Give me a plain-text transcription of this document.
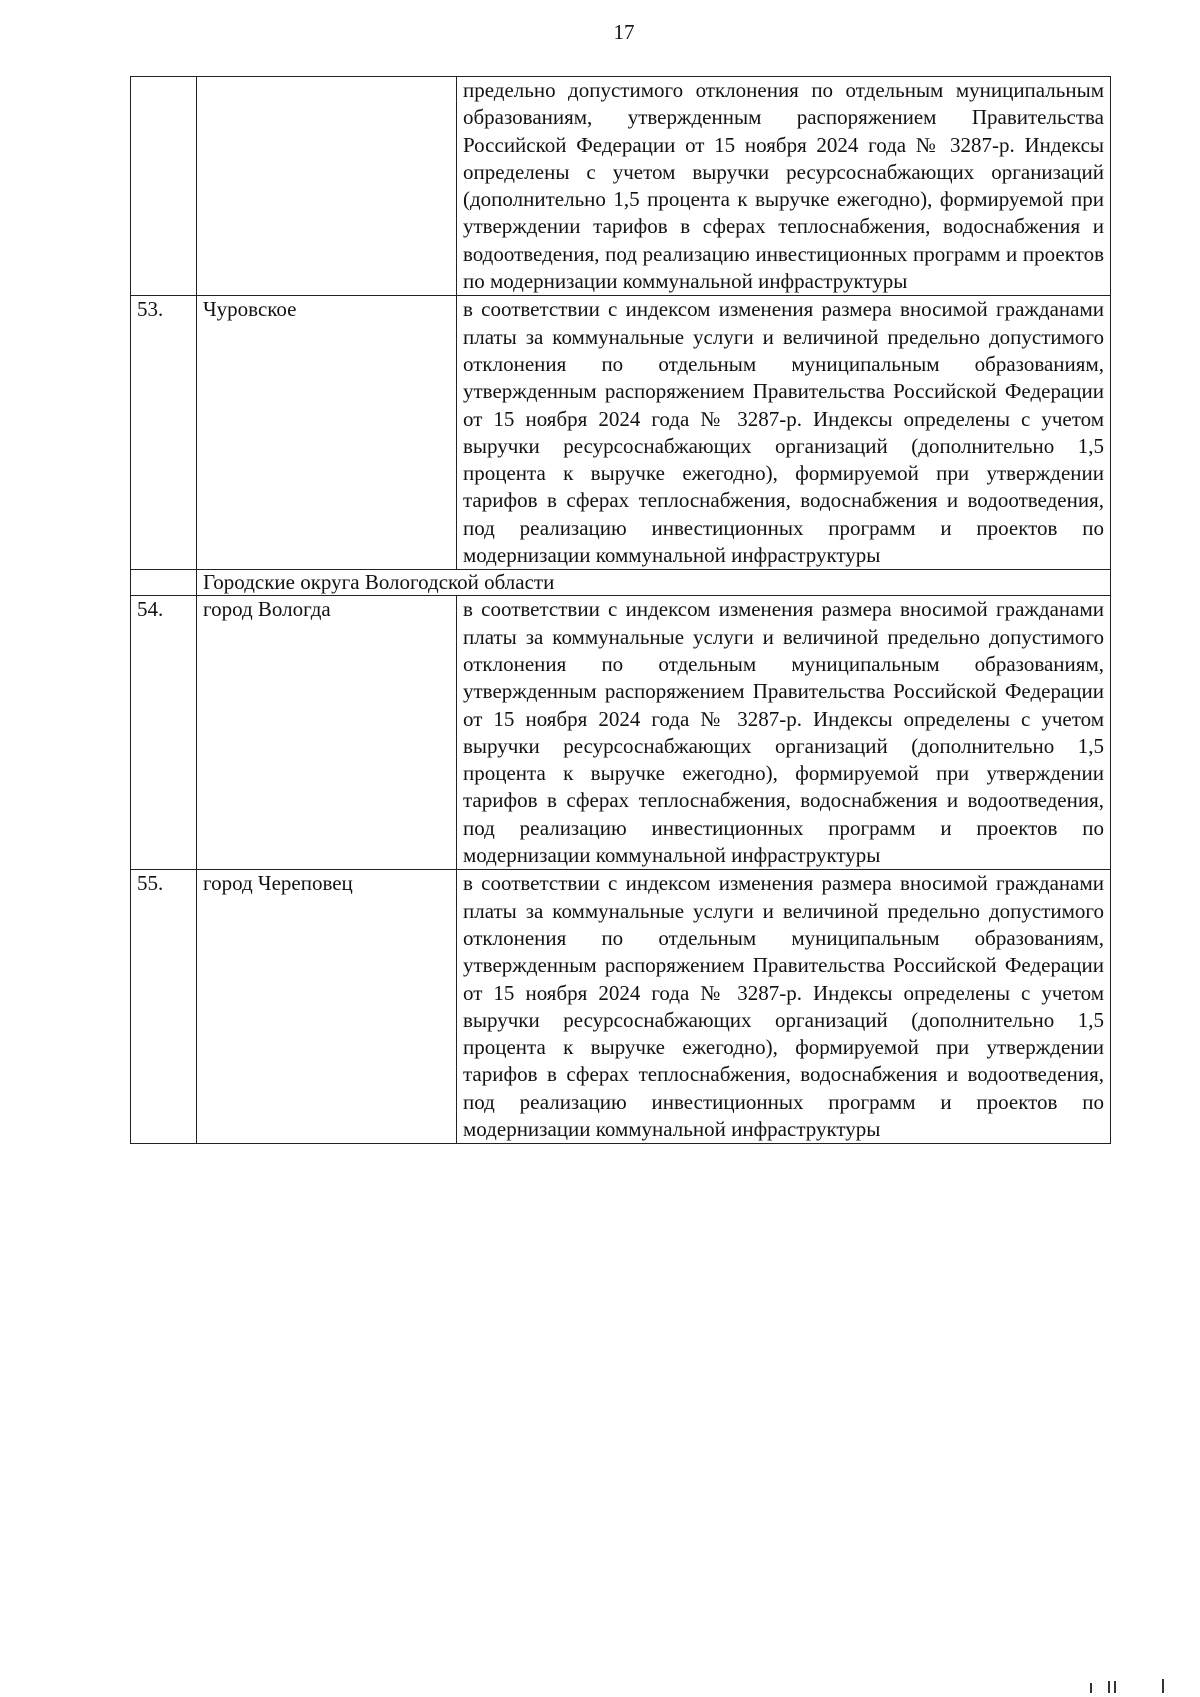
17
		предельно допустимого отклонения по отдельным муниципальным образованиям, утвержденным распоряжением Правительства Российской Федерации от 15 ноября 2024 года № 3287-р. Индексы определены с учетом выручки ресурсоснабжающих организаций (дополнительно 1,5 процента к выручке ежегодно), формируемой при утверждении тарифов в сферах теплоснабжения, водоснабжения и водоотведения, под реализацию инвестиционных программ и проектов по модернизации коммунальной инфраструктуры
53.	Чуровское	в соответствии с индексом изменения размера вносимой гражданами платы за коммунальные услуги и величиной предельно допустимого отклонения по отдельным муниципальным образованиям, утвержденным распоряжением Правительства Российской Федерации от 15 ноября 2024 года № 3287-р. Индексы определены с учетом выручки ресурсоснабжающих организаций (дополнительно 1,5 процента к выручке ежегодно), формируемой при утверждении тарифов в сферах теплоснабжения, водоснабжения и водоотведения, под реализацию инвестиционных программ и проектов по модернизации коммунальной инфраструктуры
	Городские округа Вологодской области	
54.	город Вологда	в соответствии с индексом изменения размера вносимой гражданами платы за коммунальные услуги и величиной предельно допустимого отклонения по отдельным муниципальным образованиям, утвержденным распоряжением Правительства Российской Федерации от 15 ноября 2024 года № 3287-р. Индексы определены с учетом выручки ресурсоснабжающих организаций (дополнительно 1,5 процента к выручке ежегодно), формируемой при утверждении тарифов в сферах теплоснабжения, водоснабжения и водоотведения, под реализацию инвестиционных программ и проектов по модернизации коммунальной инфраструктуры
55.	город Череповец	в соответствии с индексом изменения размера вносимой гражданами платы за коммунальные услуги и величиной предельно допустимого отклонения по отдельным муниципальным образованиям, утвержденным распоряжением Правительства Российской Федерации от 15 ноября 2024 года № 3287-р. Индексы определены с учетом выручки ресурсоснабжающих организаций (дополнительно 1,5 процента к выручке ежегодно), формируемой при утверждении тарифов в сферах теплоснабжения, водоснабжения и водоотведения, под реализацию инвестиционных программ и проектов по модернизации коммунальной инфраструктуры
